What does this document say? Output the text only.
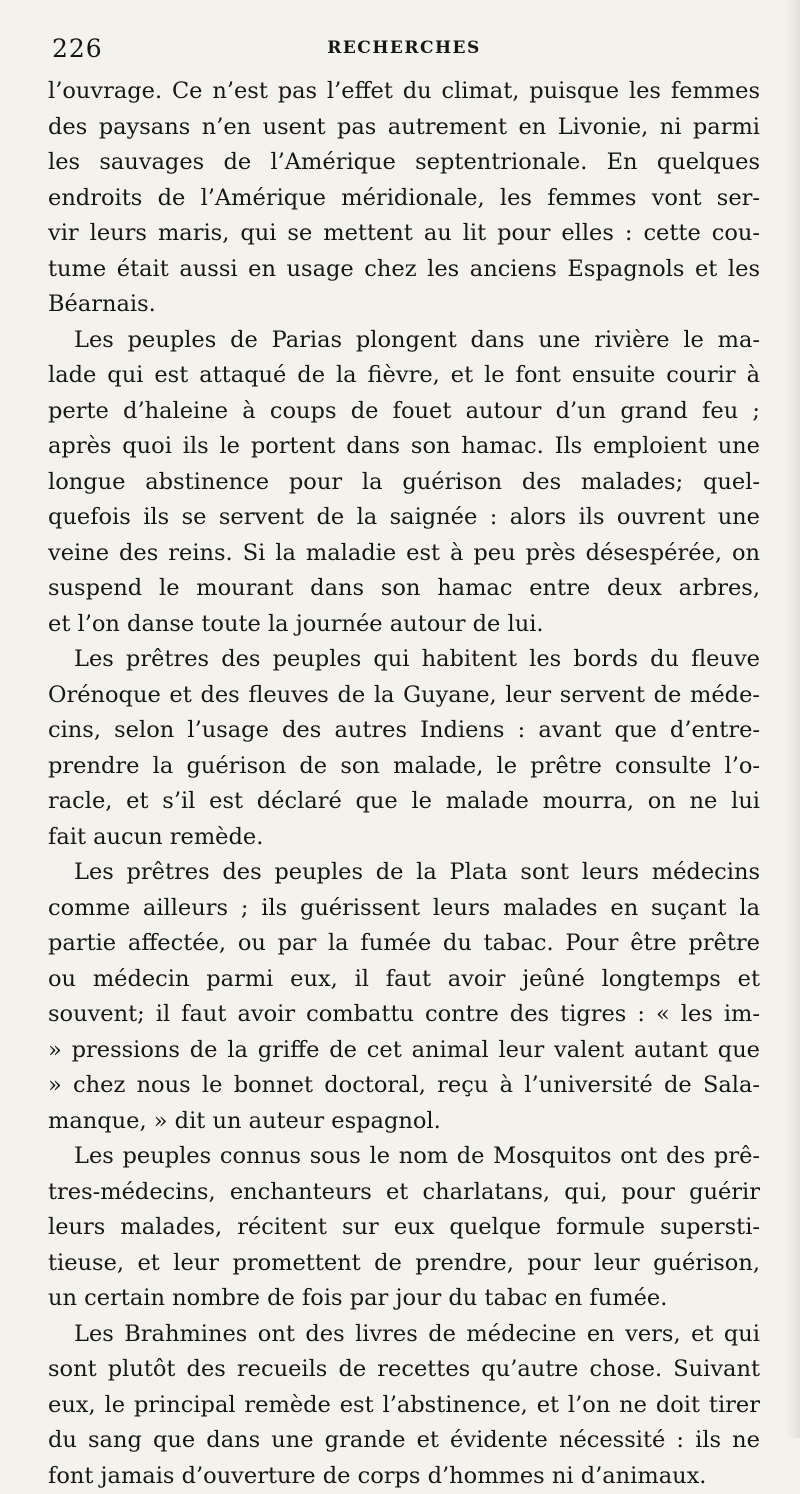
226	RECHERCHES
l’ouvrage. Ce n’est pas l’effet du climat, puisque les femmes
des paysans n’en usent pas autrement en Livonie, ni parmi
les sauvages de l’Amérique septentrionale. En quelques
endroits de l’Amérique méridionale, les femmes vont ser-
vir leurs maris, qui se mettent au lit pour elles : cette cou-
tume était aussi en usage chez les anciens Espagnols et les
Béarnais.
Les peuples de Parias plongent dans une rivière le ma-
lade qui est attaqué de la fièvre, et le font ensuite courir à
perte d’haleine à coups de fouet autour d’un grand feu ;
après quoi ils le portent dans son hamac. Ils emploient une
longue abstinence pour la guérison des malades; quel-
quefois ils se servent de la saignée : alors ils ouvrent une
veine des reins. Si la maladie est à peu près désespérée, on
suspend le mourant dans son hamac entre deux arbres,
et l’on danse toute la journée autour de lui.
Les prêtres des peuples qui habitent les bords du fleuve
Orénoque et des fleuves de la Guyane, leur servent de méde-
cins, selon l’usage des autres Indiens : avant que d’entre-
prendre la guérison de son malade, le prêtre consulte l’o-
racle, et s’il est déclaré que le malade mourra, on ne lui
fait aucun remède.
Les prêtres des peuples de la Plata sont leurs médecins
comme ailleurs ; ils guérissent leurs malades en suçant la
partie affectée, ou par la fumée du tabac. Pour être prêtre
ou médecin parmi eux, il faut avoir jeûné longtemps et
souvent; il faut avoir combattu contre des tigres : « les im-
» pressions de la griffe de cet animal leur valent autant que
» chez nous le bonnet doctoral, reçu à l’université de Sala-
manque, » dit un auteur espagnol.
Les peuples connus sous le nom de Mosquitos ont des prê-
tres-médecins, enchanteurs et charlatans, qui, pour guérir
leurs malades, récitent sur eux quelque formule supersti-
tieuse, et leur promettent de prendre, pour leur guérison,
un certain nombre de fois par jour du tabac en fumée.
Les Brahmines ont des livres de médecine en vers, et qui
sont plutôt des recueils de recettes qu’autre chose. Suivant
eux, le principal remède est l’abstinence, et l’on ne doit tirer
du sang que dans une grande et évidente nécessité : ils ne
font jamais d’ouverture de corps d’hommes ni d’animaux.
